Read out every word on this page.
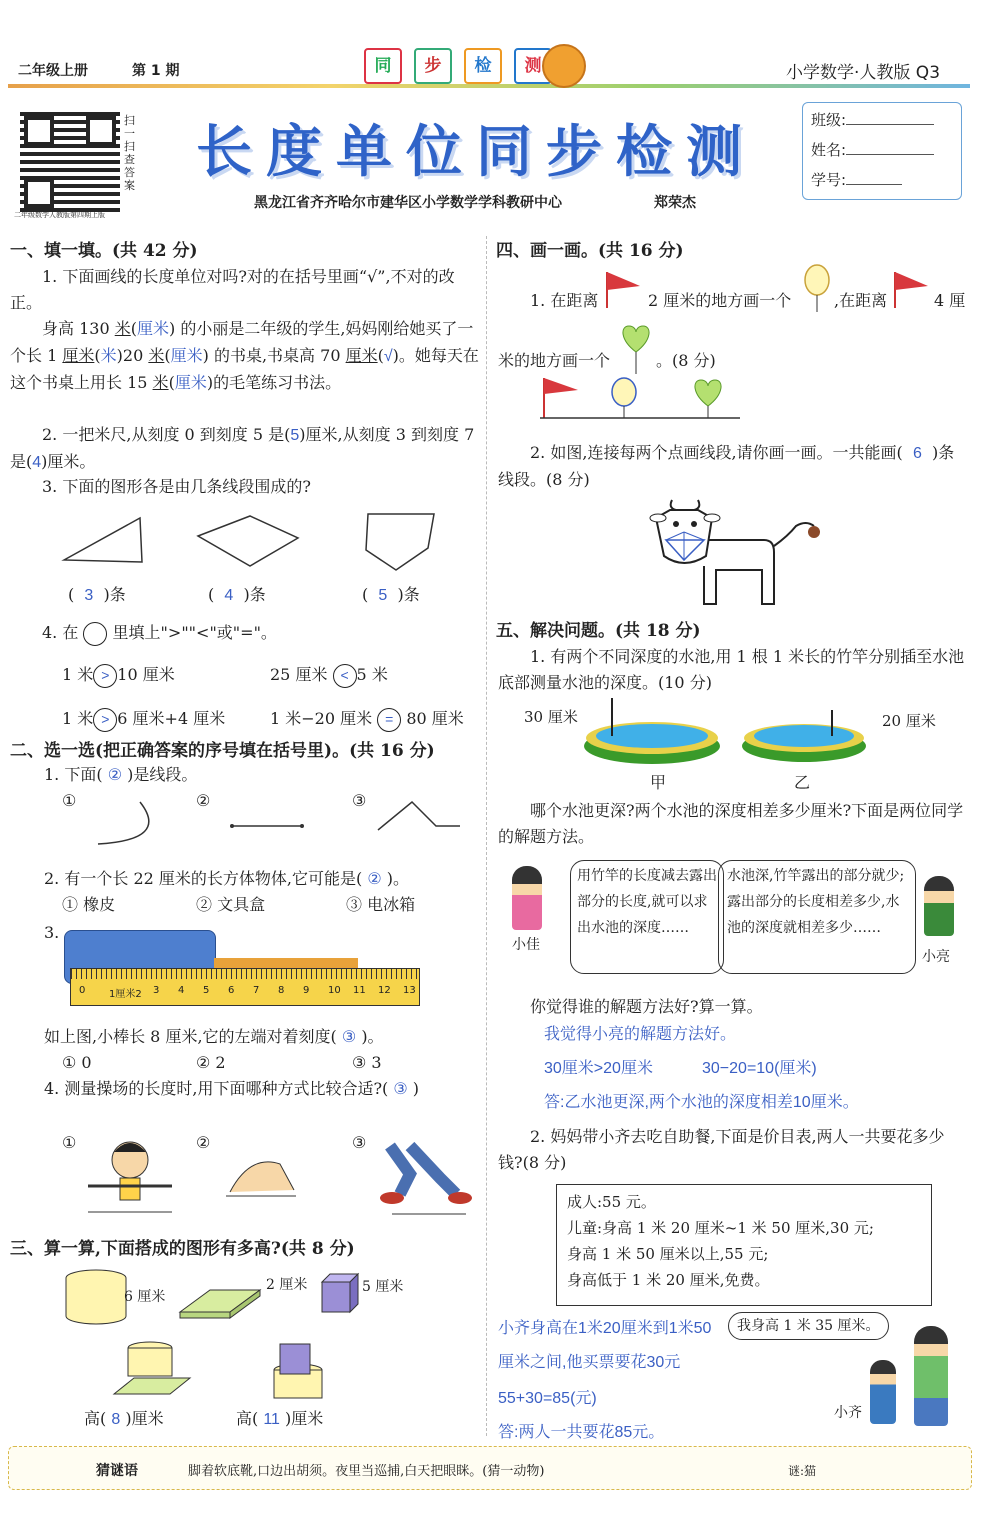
二年级上册	第 1 期	同	步	检	测	小学数学·人教版 Q3
扫一扫 查答案
二年级数学人教版第四期上版
长度单位同步检测
黑龙江省齐齐哈尔市建华区小学数学学科教研中心	郑荣杰
班级:
姓名:
学号:
一、填一填。(共 42 分)
1. 下面画线的长度单位对吗?对的在括号里画“√”,不对的改正。
身高 130 米(厘米) 的小丽是二年级的学生,妈妈刚给她买了一个长 1 厘米(米)20 米(厘米) 的书桌,书桌高 70 厘米(√)。她每天在这个书桌上用长 15 米(厘米)的毛笔练习书法。
2. 一把米尺,从刻度 0 到刻度 5 是(5)厘米,从刻度 3 到刻度 7 是(4)厘米。
3. 下面的图形各是由几条线段围成的?
(  3  )条	(  4  )条	(  5  )条
4. 在 里填上">""<"或"="。
1 米 > 10 厘米	25 厘米 < 5 米
1 米 > 6 厘米+4 厘米	1 米−20 厘米 = 80 厘米
二、选一选(把正确答案的序号填在括号里)。(共 16 分)
1. 下面( ② )是线段。
①	②	③
2. 有一个长 22 厘米的长方体物体,它可能是( ② )。
① 橡皮	② 文具盒	③ 电冰箱
3.
0	1厘米2	3	4	5	6	7	8	9	10	11	12	13
如上图,小棒长 8 厘米,它的左端对着刻度( ③ )。
① 0	② 2	③ 3
4. 测量操场的长度时,用下面哪种方式比较合适?( ③ )
①	②	③
三、算一算,下面搭成的图形有多高?(共 8 分)
6 厘米
2 厘米	5 厘米
高( 8 )厘米	高( 11 )厘米
四、画一画。(共 16 分)
1. 在距离	2 厘米的地方画一个	,在距离	4 厘
米的地方画一个	。(8 分)
2. 如图,连接每两个点画线段,请你画一画。一共能画( 6 )条线段。(8 分)
五、解决问题。(共 18 分)
1. 有两个不同深度的水池,用 1 根 1 米长的竹竿分别插至水池底部测量水池的深度。(10 分)
30 厘米	20 厘米
甲	乙
哪个水池更深?两个水池的深度相差多少厘米?下面是两位同学的解题方法。
小佳
用竹竿的长度减去露出部分的长度,就可以求出水池的深度……
水池深,竹竿露出的部分就少;露出部分的长度相差多少,水池的深度就相差多少……
小亮
你觉得谁的解题方法好?算一算。
我觉得小亮的解题方法好。
30厘米>20厘米	30−20=10(厘米)
答:乙水池更深,两个水池的深度相差10厘米。
2. 妈妈带小齐去吃自助餐,下面是价目表,两人一共要花多少钱?(8 分)
成人:55 元。
儿童:身高 1 米 20 厘米~1 米 50 厘米,30 元;
身高 1 米 50 厘米以上,55 元;
身高低于 1 米 20 厘米,免费。
小齐身高在1米20厘米到1米50	我身高 1 米 35 厘米。
厘米之间,他买票要花30元
55+30=85(元)
答:两人一共要花85元。
小齐
猜谜语	脚着软底靴,口边出胡须。夜里当巡捕,白天把眼眯。(猜一动物)	谜:猫
